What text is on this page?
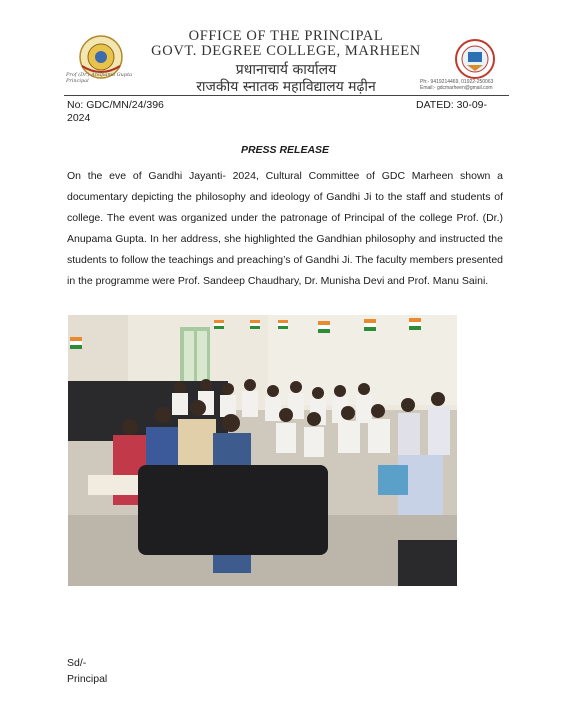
Prof (Dr.) Anupama Gupta
Principal
OFFICE OF THE PRINCIPAL
GOVT. DEGREE COLLEGE, MARHEEN
प्रधानाचार्य कार्यालय
राजकीय स्नातक महाविद्यालय मढ़ीन	Ph:- 9419214469, 01922-250063
Email:- gdcmarheen@gmail.com
No: GDC/MN/24/396 2024
DATED: 30-09-
PRESS RELEASE
On the eve of Gandhi Jayanti- 2024, Cultural Committee of GDC Marheen shown a documentary depicting the philosophy and ideology of Gandhi Ji to the staff and students of college. The event was organized under the patronage of Principal of the college Prof. (Dr.) Anupama Gupta. In her address, she highlighted the Gandhian philosophy and instructed the students to follow the teachings and preaching’s of Gandhi Ji. The faculty members presented in the programme were Prof. Sandeep Chaudhary, Dr. Munisha Devi and Prof. Manu Saini.
Sd/-
Principal
